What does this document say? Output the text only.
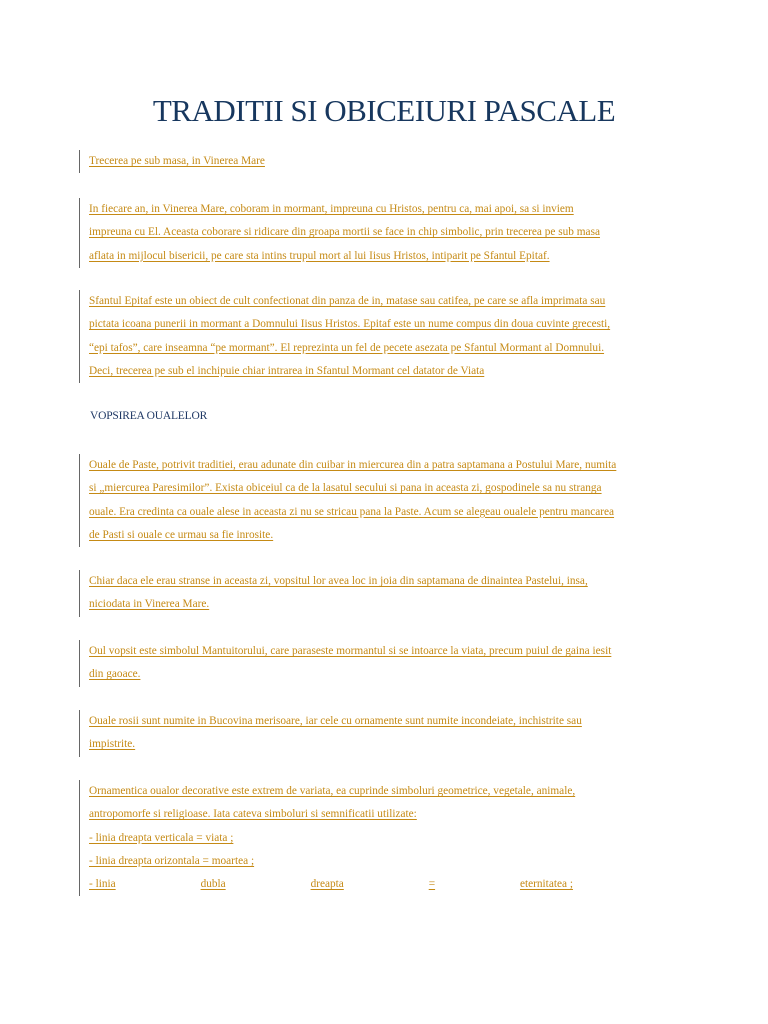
TRADITII SI OBICEIURI PASCALE
Trecerea pe sub masa, in Vinerea Mare

In fiecare an, in Vinerea Mare, coboram in mormant, impreuna cu Hristos, pentru ca, mai apoi, sa si inviem
impreuna cu El. Aceasta coborare si ridicare din groapa mortii se face in chip simbolic, prin trecerea pe sub masa
aflata in mijlocul bisericii, pe care sta intins trupul mort al lui Iisus Hristos, intiparit pe Sfantul Epitaf.

Sfantul Epitaf este un obiect de cult confectionat din panza de in, matase sau catifea, pe care se afla imprimata sau
pictata icoana punerii in mormant a Domnului Iisus Hristos. Epitaf este un nume compus din doua cuvinte grecesti,
“epi tafos”, care inseamna “pe mormant”. El reprezinta un fel de pecete asezata pe Sfantul Mormant al Domnului.
Deci, trecerea pe sub el inchipuie chiar intrarea in Sfantul Mormant cel datator de Viata

VOPSIREA OUALELOR

Ouale de Paste, potrivit traditiei, erau adunate din cuibar in miercurea din a patra saptamana a Postului Mare, numita
si „miercurea Paresimilor”. Exista obiceiul ca de la lasatul secului si pana in aceasta zi, gospodinele sa nu stranga
ouale. Era credinta ca ouale alese in aceasta zi nu se stricau pana la Paste. Acum se alegeau oualele pentru mancarea
de Pasti si ouale ce urmau sa fie inrosite.

Chiar daca ele erau stranse in aceasta zi, vopsitul lor avea loc in joia din saptamana de dinaintea Pastelui, insa,
niciodata in Vinerea Mare.

Oul vopsit este simbolul Mantuitorului, care paraseste mormantul si se intoarce la viata, precum puiul de gaina iesit
din gaoace.

Ouale rosii sunt numite in Bucovina merisoare, iar cele cu ornamente sunt numite incondeiate, inchistrite sau
impistrite.

Ornamentica oualor decorative este extrem de variata, ea cuprinde simboluri geometrice, vegetale, animale,
antropomorfe si religioase. Iata cateva simboluri si semnificatii utilizate:
- linia dreapta verticala = viata ;
- linia dreapta orizontala = moartea ;
- linia	dubla	dreapta	=	eternitatea ;
